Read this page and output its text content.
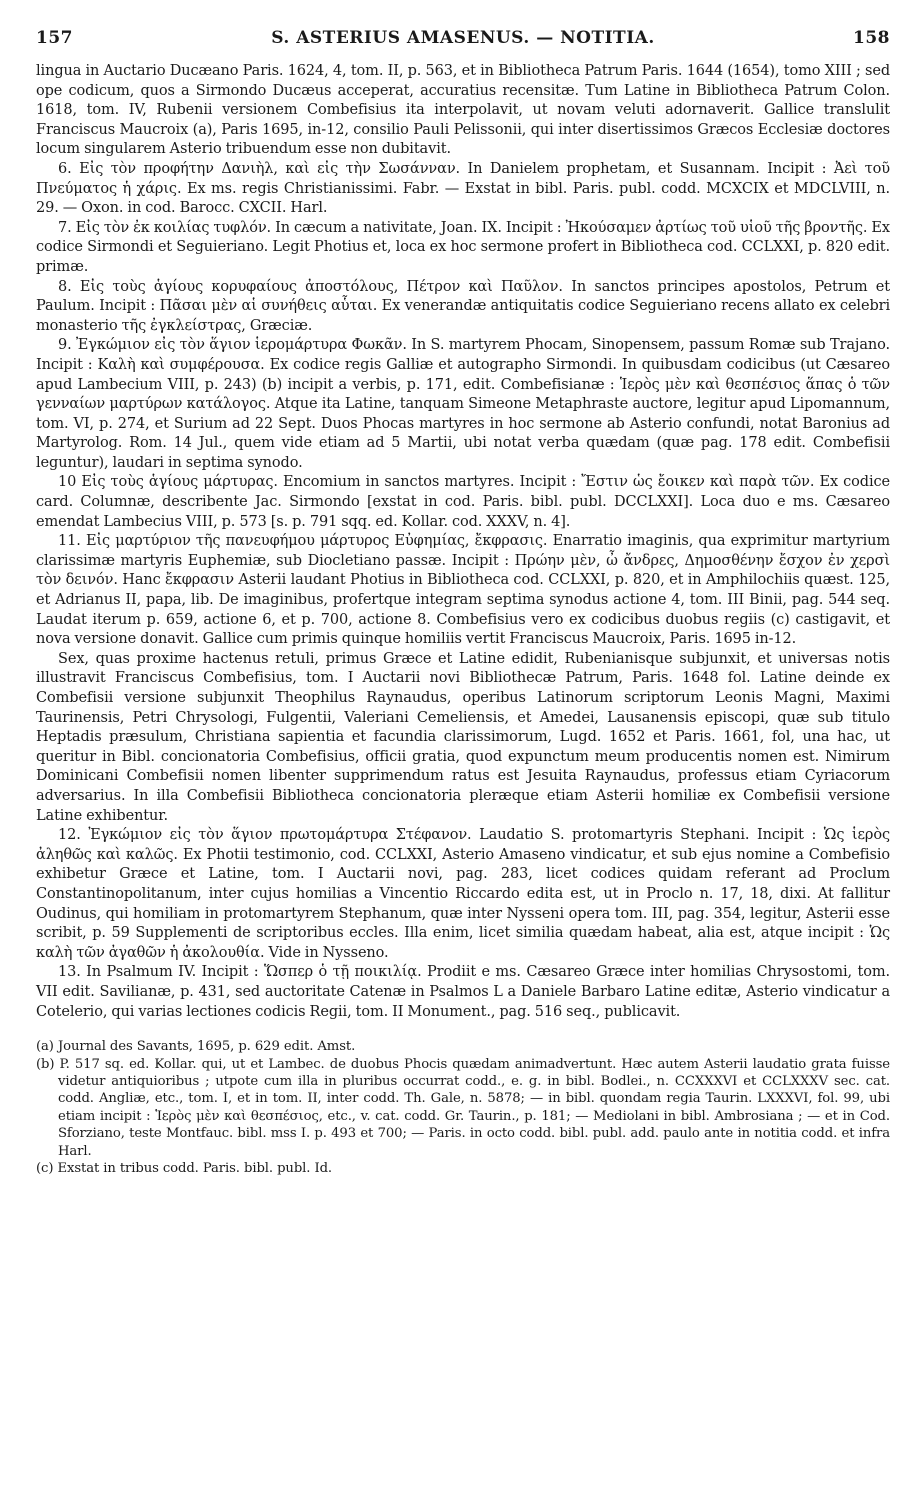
157	S. ASTERIUS AMASENUS. — NOTITIA.	158

lingua in Auctario Ducæano Paris. 1624, 4, tom. II, p. 563, et in Bibliotheca Patrum Paris. 1644 (1654), tomo XIII ; sed ope codicum, quos a Sirmondo Ducæus acceperat, accuratius recensitæ. Tum Latine in Bibliotheca Patrum Colon. 1618, tom. IV, Rubenii versionem Combefisius ita interpolavit, ut novam veluti adornaverit. Gallice translulit Franciscus Maucroix (a), Paris 1695, in-12, consilio Pauli Pelissonii, qui inter disertissimos Græcos Ecclesiæ doctores locum singularem Asterio tribuendum esse non dubitavit.

6. Εἰς τὸν προφήτην Δανιὴλ, καὶ εἰς τὴν Σωσάνναν. In Danielem prophetam, et Susannam. Incipit : Ἀεὶ τοῦ Πνεύματος ἡ χάρις. Ex ms. regis Christianissimi. Fabr. — Exstat in bibl. Paris. publ. codd. MCXCIX et MDCLVIII, n. 29. — Oxon. in cod. Barocc. CXCII. Harl.

7. Εἰς τὸν ἐκ κοιλίας τυφλόν. In cæcum a nativitate, Joan. IX. Incipit : Ἠκούσαμεν ἀρτίως τοῦ υἱοῦ τῆς βροντῆς. Ex codice Sirmondi et Seguieriano. Legit Photius et, loca ex hoc sermone profert in Bibliotheca cod. CCLXXI, p. 820 edit. primæ.

8. Εἰς τοὺς ἁγίους κορυφαίους ἀποστόλους, Πέτρον καὶ Παῦλον. In sanctos principes apostolos, Petrum et Paulum. Incipit : Πᾶσαι μὲν αἱ συνήθεις αὗται. Ex venerandæ antiquitatis codice Seguieriano recens allato ex celebri monasterio τῆς ἐγκλείστρας, Græciæ.

9. Ἐγκώμιον εἰς τὸν ἅγιον ἱερομάρτυρα Φωκᾶν. In S. martyrem Phocam, Sinopensem, passum Romæ sub Trajano. Incipit : Καλὴ καὶ συμφέρουσα. Ex codice regis Galliæ et autographo Sirmondi. In quibusdam codicibus (ut Cæsareo apud Lambecium VIII, p. 243) (b) incipit a verbis, p. 171, edit. Combefisianæ : Ἱερὸς μὲν καὶ θεσπέσιος ἅπας ὁ τῶν γενναίων μαρτύρων κατάλογος. Atque ita Latine, tanquam Simeone Metaphraste auctore, legitur apud Lipomannum, tom. VI, p. 274, et Surium ad 22 Sept. Duos Phocas martyres in hoc sermone ab Asterio confundi, notat Baronius ad Martyrolog. Rom. 14 Jul., quem vide etiam ad 5 Martii, ubi notat verba quædam (quæ pag. 178 edit. Combefisii leguntur), laudari in septima synodo.

10 Εἰς τοὺς ἁγίους μάρτυρας. Encomium in sanctos martyres. Incipit : Ἔστιν ὡς ἔοικεν καὶ παρὰ τῶν. Ex codice card. Columnæ, describente Jac. Sirmondo [exstat in cod. Paris. bibl. publ. DCCLXXI]. Loca duo e ms. Cæsareo emendat Lambecius VIII, p. 573 [s. p. 791 sqq. ed. Kollar. cod. XXXV, n. 4].

11. Εἰς μαρτύριον τῆς πανευφήμου μάρτυρος Εὐφημίας, ἔκφρασις. Enarratio imaginis, qua exprimitur martyrium clarissimæ martyris Euphemiæ, sub Diocletiano passæ. Incipit : Πρώην μὲν, ὦ ἄνδρες, Δημοσθένην ἔσχον ἐν χερσὶ τὸν δεινόν. Hanc ἔκφρασιν Asterii laudant Photius in Bibliotheca cod. CCLXXI, p. 820, et in Amphilochiis quæst. 125, et Adrianus II, papa, lib. De imaginibus, profertque integram septima synodus actione 4, tom. III Binii, pag. 544 seq. Laudat iterum p. 659, actione 6, et p. 700, actione 8. Combefisius vero ex codicibus duobus regiis (c) castigavit, et nova versione donavit. Gallice cum primis quinque homiliis vertit Franciscus Maucroix, Paris. 1695 in-12.

Sex, quas proxime hactenus retuli, primus Græce et Latine edidit, Rubenianisque subjunxit, et universas notis illustravit Franciscus Combefisius, tom. I Auctarii novi Bibliothecæ Patrum, Paris. 1648 fol. Latine deinde ex Combefisii versione subjunxit Theophilus Raynaudus, operibus Latinorum scriptorum Leonis Magni, Maximi Taurinensis, Petri Chrysologi, Fulgentii, Valeriani Cemeliensis, et Amedei, Lausanensis episcopi, quæ sub titulo Heptadis præsulum, Christiana sapientia et facundia clarissimorum, Lugd. 1652 et Paris. 1661, fol, una hac, ut queritur in Bibl. concionatoria Combefisius, officii gratia, quod expunctum meum producentis nomen est. Nimirum Dominicani Combefisii nomen libenter supprimendum ratus est Jesuita Raynaudus, professus etiam Cyriacorum adversarius. In illa Combefisii Bibliotheca concionatoria pleræque etiam Asterii homiliæ ex Combefisii versione Latine exhibentur.

12. Ἐγκώμιον εἰς τὸν ἅγιον πρωτομάρτυρα Στέφανον. Laudatio S. protomartyris Stephani. Incipit : Ὡς ἱερὸς ἀληθῶς καὶ καλῶς. Ex Photii testimonio, cod. CCLXXI, Asterio Amaseno vindicatur, et sub ejus nomine a Combefisio exhibetur Græce et Latine, tom. I Auctarii novi, pag. 283, licet codices quidam referant ad Proclum Constantinopolitanum, inter cujus homilias a Vincentio Riccardo edita est, ut in Proclo n. 17, 18, dixi. At fallitur Oudinus, qui homiliam in protomartyrem Stephanum, quæ inter Nysseni opera tom. III, pag. 354, legitur, Asterii esse scribit, p. 59 Supplementi de scriptoribus eccles. Illa enim, licet similia quædam habeat, alia est, atque incipit : Ὡς καλὴ τῶν ἀγαθῶν ἡ ἀκολουθία. Vide in Nysseno.

13. In Psalmum IV. Incipit : Ὥσπερ ὁ τῇ ποικιλίᾳ. Prodiit e ms. Cæsareo Græce inter homilias Chrysostomi, tom. VII edit. Savilianæ, p. 431, sed auctoritate Catenæ in Psalmos L a Daniele Barbaro Latine editæ, Asterio vindicatur a Cotelerio, qui varias lectiones codicis Regii, tom. II Monument., pag. 516 seq., publicavit.

(a) Journal des Savants, 1695, p. 629 edit. Amst.

(b) P. 517 sq. ed. Kollar. qui, ut et Lambec. de duobus Phocis quædam animadvertunt. Hæc autem Asterii laudatio grata fuisse videtur antiquioribus ; utpote cum illa in pluribus occurrat codd., e. g. in bibl. Bodlei., n. CCXXXVI et CCLXXXV sec. cat. codd. Angliæ, etc., tom. I, et in tom. II, inter codd. Th. Gale, n. 5878; — in bibl. quondam regia Taurin. LXXXVI, fol. 99, ubi etiam incipit : Ἱερὸς μὲν καὶ θεσπέσιος, etc., v. cat. codd. Gr. Taurin., p. 181; — Mediolani in bibl. Ambrosiana ; — et in Cod. Sforziano, teste Montfauc. bibl. mss I. p. 493 et 700; — Paris. in octo codd. bibl. publ. add. paulo ante in notitia codd. et infra Harl.

(c) Exstat in tribus codd. Paris. bibl. publ. Id.
